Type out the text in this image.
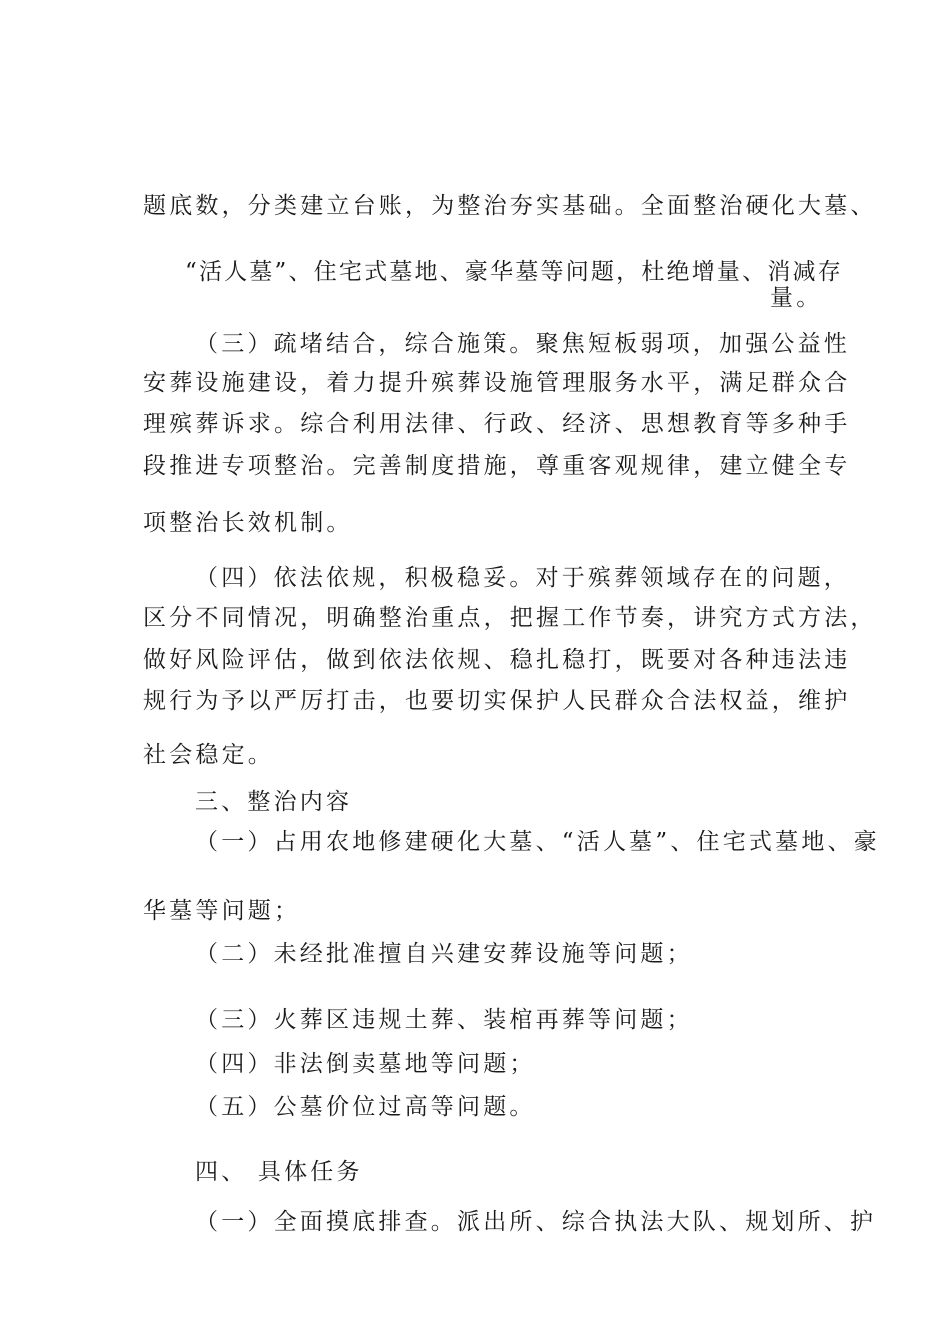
题底数，分类建立台账，为整治夯实基础。全面整治硬化大墓、
“活人墓”、住宅式墓地、豪华墓等问题，杜绝增量、消减存
量。
（三）疏堵结合，综合施策。聚焦短板弱项，加强公益性
安葬设施建设，着力提升殡葬设施管理服务水平，满足群众合
理殡葬诉求。综合利用法律、行政、经济、思想教育等多种手
段推进专项整治。完善制度措施，尊重客观规律，建立健全专
项整治长效机制。
（四）依法依规，积极稳妥。对于殡葬领域存在的问题，
区分不同情况，明确整治重点，把握工作节奏，讲究方式方法，
做好风险评估，做到依法依规、稳扎稳打，既要对各种违法违
规行为予以严厉打击，也要切实保护人民群众合法权益，维护
社会稳定。
三、整治内容
（一）占用农地修建硬化大墓、“活人墓”、住宅式墓地、豪
华墓等问题；
（二）未经批准擅自兴建安葬设施等问题；
（三）火葬区违规土葬、装棺再葬等问题；
（四）非法倒卖墓地等问题；
（五）公墓价位过高等问题。
四、 具体任务
（一）全面摸底排查。派出所、综合执法大队、规划所、护
